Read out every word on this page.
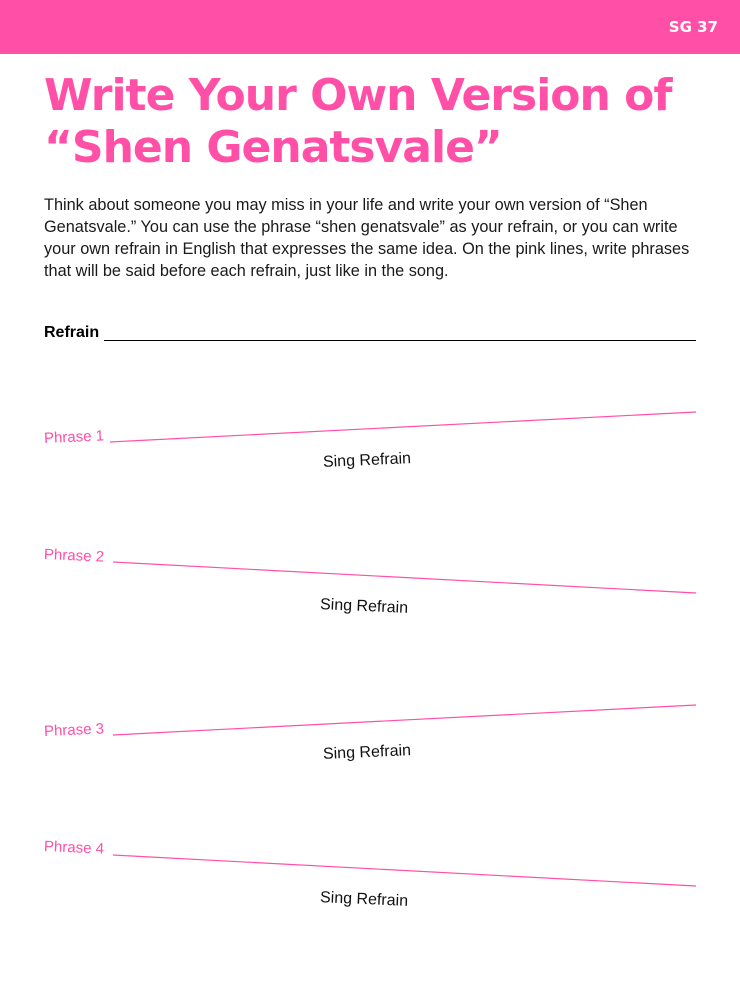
SG 37
Write Your Own Version of
“Shen Genatsvale”

Think about someone you may miss in your life and write your own version of “Shen Genatsvale.” You can use the phrase “shen genatsvale” as your refrain, or you can write your own refrain in English that expresses the same idea. On the pink lines, write phrases that will be said before each refrain, just like in the song.

Refrain
Phrase 1
Sing Refrain
Phrase 2
Sing Refrain
Phrase 3
Sing Refrain
Phrase 4
Sing Refrain
